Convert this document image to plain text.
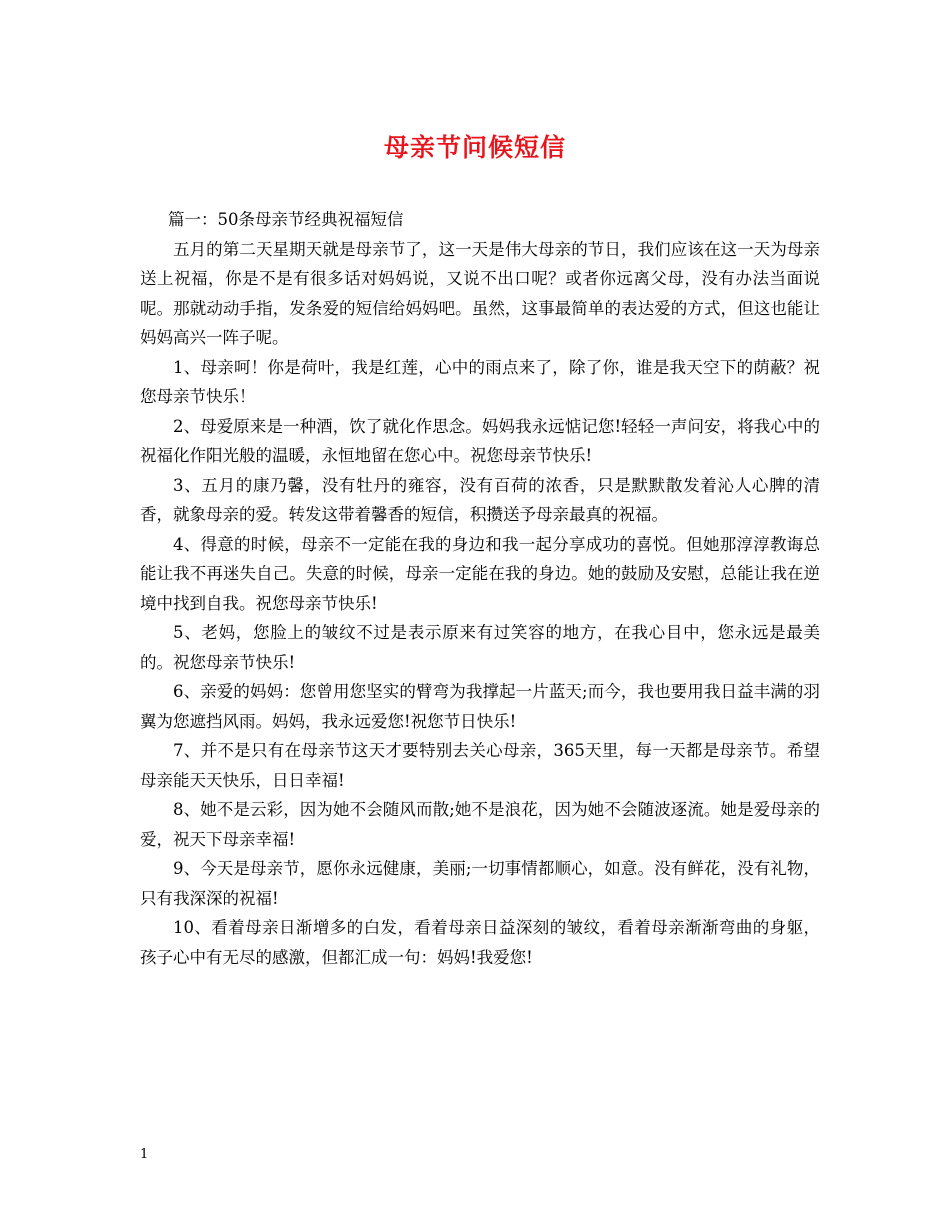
母亲节问候短信

篇一：50条母亲节经典祝福短信

五月的第二天星期天就是母亲节了，这一天是伟大母亲的节日，我们应该在这一天为母亲送上祝福，你是不是有很多话对妈妈说，又说不出口呢？或者你远离父母，没有办法当面说呢。那就动动手指，发条爱的短信给妈妈吧。虽然，这事最简单的表达爱的方式，但这也能让妈妈高兴一阵子呢。

1、母亲呵！你是荷叶，我是红莲，心中的雨点来了，除了你，谁是我天空下的荫蔽？祝您母亲节快乐！

2、母爱原来是一种酒，饮了就化作思念。妈妈我永远惦记您!轻轻一声问安，将我心中的祝福化作阳光般的温暖，永恒地留在您心中。祝您母亲节快乐!

3、五月的康乃馨，没有牡丹的雍容，没有百荷的浓香，只是默默散发着沁人心脾的清香，就象母亲的爱。转发这带着馨香的短信，积攒送予母亲最真的祝福。

4、得意的时候，母亲不一定能在我的身边和我一起分享成功的喜悦。但她那淳淳教诲总能让我不再迷失自己。失意的时候，母亲一定能在我的身边。她的鼓励及安慰，总能让我在逆境中找到自我。祝您母亲节快乐!

5、老妈，您脸上的皱纹不过是表示原来有过笑容的地方，在我心目中，您永远是最美的。祝您母亲节快乐!

6、亲爱的妈妈：您曾用您坚实的臂弯为我撑起一片蓝天;而今，我也要用我日益丰满的羽翼为您遮挡风雨。妈妈，我永远爱您!祝您节日快乐!

7、并不是只有在母亲节这天才要特别去关心母亲，365天里，每一天都是母亲节。希望母亲能天天快乐，日日幸福!

8、她不是云彩，因为她不会随风而散;她不是浪花，因为她不会随波逐流。她是爱母亲的爱，祝天下母亲幸福!

9、今天是母亲节，愿你永远健康，美丽;一切事情都顺心，如意。没有鲜花，没有礼物，只有我深深的祝福!

10、看着母亲日渐增多的白发，看着母亲日益深刻的皱纹，看着母亲渐渐弯曲的身躯，孩子心中有无尽的感激，但都汇成一句：妈妈!我爱您!

1
